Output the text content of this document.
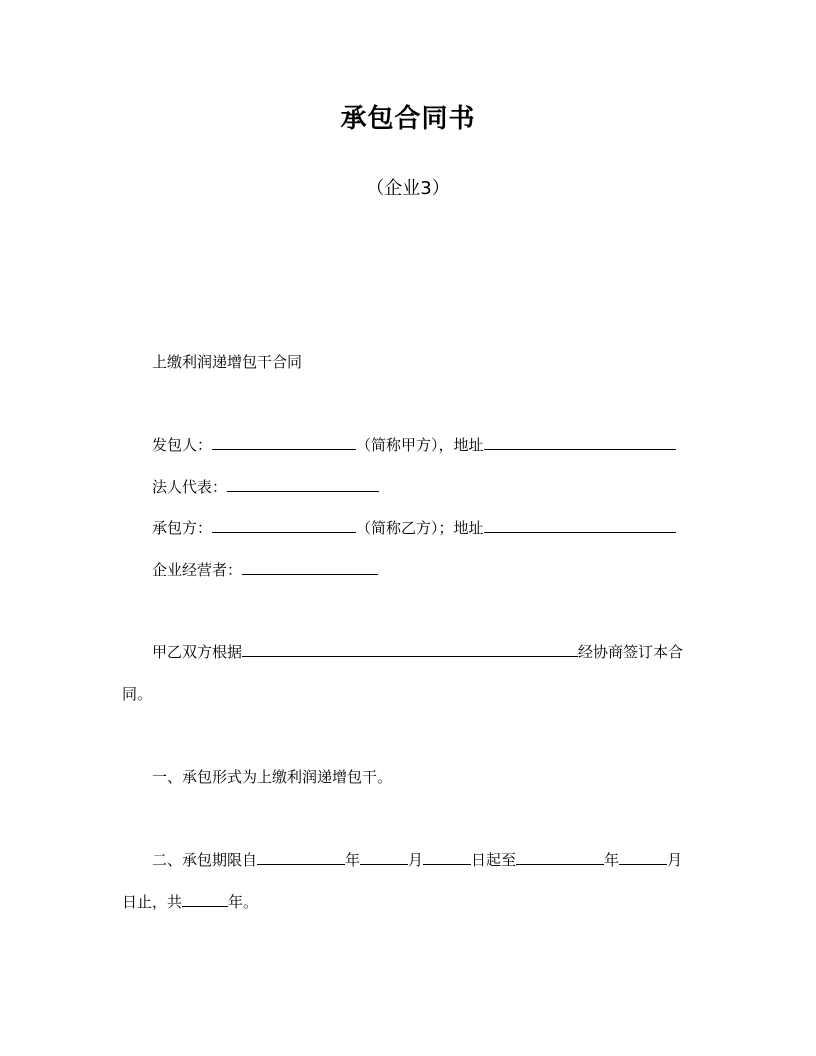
承包合同书
（企业3）
上缴利润递增包干合同
发包人：	（简称甲方），地址
法人代表：
承包方：	（简称乙方）；地址
企业经营者：
甲乙双方根据	经协商签订本合
同。
一、承包形式为上缴利润递增包干。
二、承包期限自	年	月	日起至	年	月
日止，共	年。
